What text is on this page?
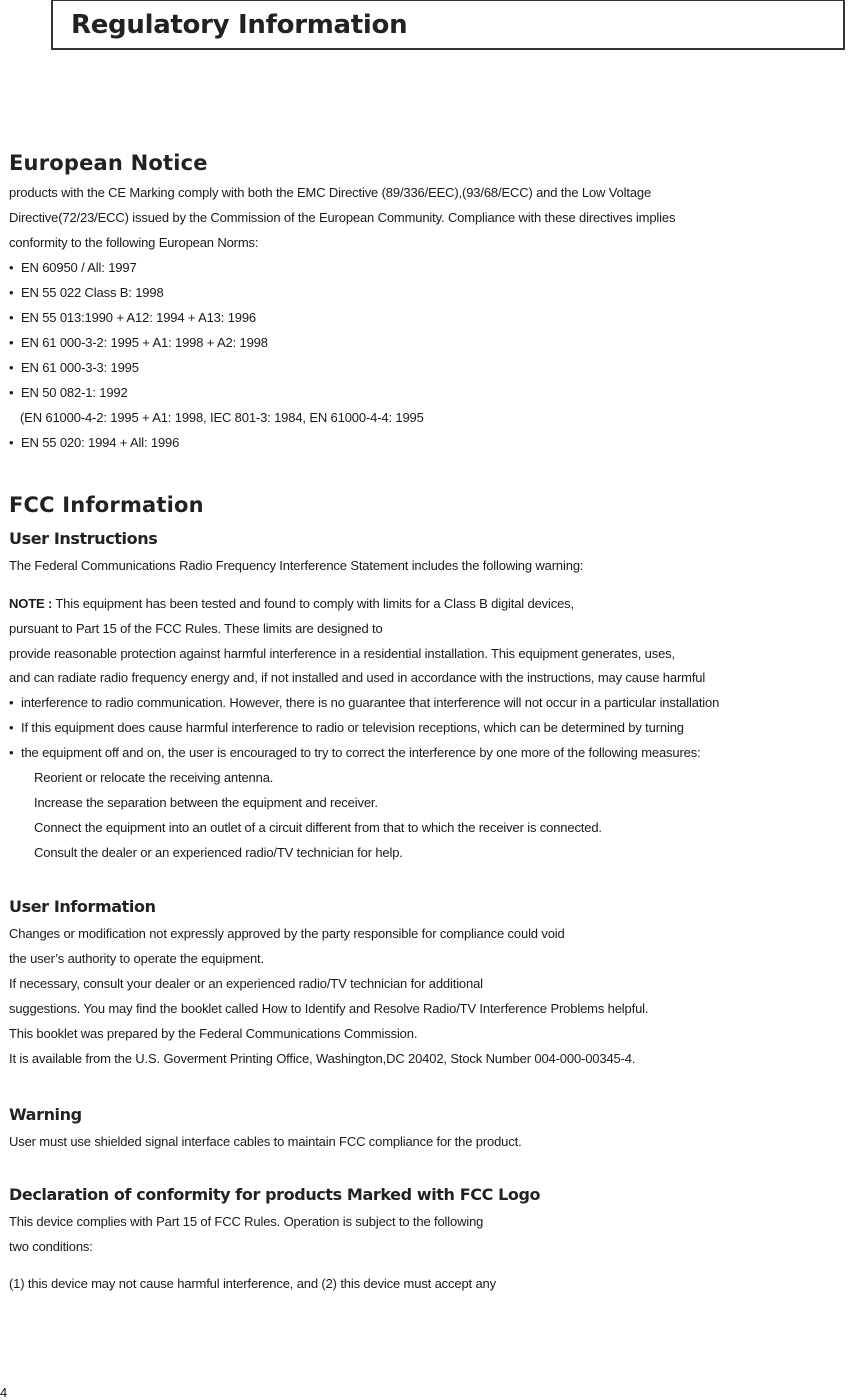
Regulatory Information
European Notice
products with the CE Marking comply with both the EMC Directive (89/336/EEC),(93/68/ECC) and the Low Voltage
Directive(72/23/ECC) issued by the Commission of the European Community. Compliance with these directives implies
conformity to the following European Norms:
• EN 60950 / All: 1997
• EN 55 022 Class B: 1998
• EN 55 013:1990 + A12: 1994 + A13: 1996
• EN 61 000-3-2: 1995 + A1: 1998 + A2: 1998
• EN 61 000-3-3: 1995
• EN 50 082-1: 1992
(EN 61000-4-2: 1995 + A1: 1998, IEC 801-3: 1984, EN 61000-4-4: 1995
• EN 55 020: 1994 + All: 1996
FCC Information
User Instructions
The Federal Communications Radio Frequency Interference Statement includes the following warning:
NOTE : This equipment has been tested and found to comply with limits for a Class B digital devices,
pursuant to Part 15 of the FCC Rules. These limits are designed to
provide reasonable protection against harmful interference in a residential installation. This equipment generates, uses,
and can radiate radio frequency energy and, if not installed and used in accordance with the instructions, may cause harmful
• interference to radio communication. However, there is no guarantee that interference will not occur in a particular installation
• If this equipment does cause harmful interference to radio or television receptions, which can be determined by turning
• the equipment off and on, the user is encouraged to try to correct the interference by one more of the following measures:
Reorient or relocate the receiving antenna.
Increase the separation between the equipment and receiver.
Connect the equipment into an outlet of a circuit different from that to which the receiver is connected.
Consult the dealer or an experienced radio/TV technician for help.
User Information
Changes or modification not expressly approved by the party responsible for compliance could void
the user’s authority to operate the equipment.
If necessary, consult your dealer or an experienced radio/TV technician for additional
suggestions. You may find the booklet called How to Identify and Resolve Radio/TV Interference Problems helpful.
This booklet was prepared by the Federal Communications Commission.
It is available from the U.S. Goverment Printing Office, Washington,DC 20402, Stock Number 004-000-00345-4.
Warning
User must use shielded signal interface cables to maintain FCC compliance for the product.
Declaration of conformity for products Marked with FCC Logo
This device complies with Part 15 of FCC Rules. Operation is subject to the following
two conditions:
(1) this device may not cause harmful interference, and (2) this device must accept any
4
